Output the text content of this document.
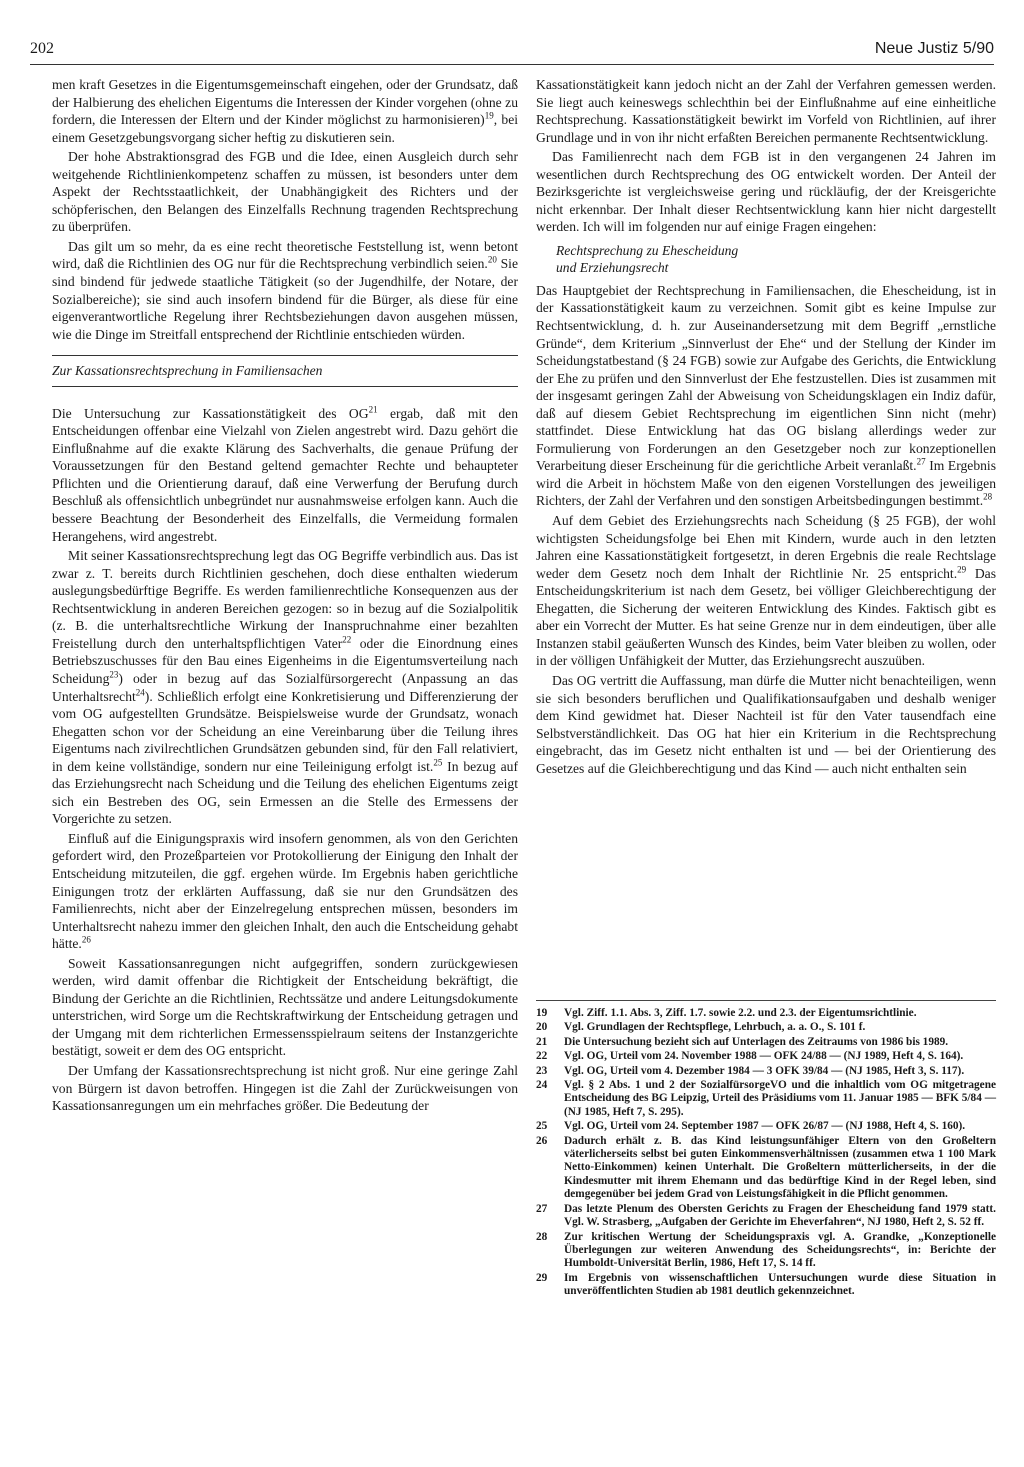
202	Neue Justiz 5/90

men kraft Gesetzes in die Eigentumsgemeinschaft eingehen, oder der Grundsatz, daß der Halbierung des ehelichen Eigentums die Interessen der Kinder vorgehen (ohne zu fordern, die Interessen der Eltern und der Kinder möglichst zu harmonisieren)$^{19}$, bei einem Gesetzgebungsvorgang sicher heftig zu diskutieren sein.

Der hohe Abstraktionsgrad des FGB und die Idee, einen Ausgleich durch sehr weitgehende Richtlinienkompetenz schaffen zu müssen, ist besonders unter dem Aspekt der Rechtsstaatlichkeit, der Unabhängigkeit des Richters und der schöpferischen, den Belangen des Einzelfalls Rechnung tragenden Rechtsprechung zu überprüfen.

Das gilt um so mehr, da es eine recht theoretische Feststellung ist, wenn betont wird, daß die Richtlinien des OG nur für die Rechtsprechung verbindlich seien.$^{20}$ Sie sind bindend für jedwede staatliche Tätigkeit (so der Jugendhilfe, der Notare, der Sozialbereiche); sie sind auch insofern bindend für die Bürger, als diese für eine eigenverantwortliche Regelung ihrer Rechtsbeziehungen davon ausgehen müssen, wie die Dinge im Streitfall entsprechend der Richtlinie entschieden würden.

Zur Kassationsrechtsprechung in Familiensachen

Die Untersuchung zur Kassationstätigkeit des OG$^{21}$ ergab, daß mit den Entscheidungen offenbar eine Vielzahl von Zielen angestrebt wird. Dazu gehört die Einflußnahme auf die exakte Klärung des Sachverhalts, die genaue Prüfung der Voraussetzungen für den Bestand geltend gemachter Rechte und behaupteter Pflichten und die Orientierung darauf, daß eine Verwerfung der Berufung durch Beschluß als offensichtlich unbegründet nur ausnahmsweise erfolgen kann. Auch die bessere Beachtung der Besonderheit des Einzelfalls, die Vermeidung formalen Herangehens, wird angestrebt.

Mit seiner Kassationsrechtsprechung legt das OG Begriffe verbindlich aus. Das ist zwar z. T. bereits durch Richtlinien geschehen, doch diese enthalten wiederum auslegungsbedürftige Begriffe. Es werden familienrechtliche Konsequenzen aus der Rechtsentwicklung in anderen Bereichen gezogen: so in bezug auf die Sozialpolitik (z. B. die unterhaltsrechtliche Wirkung der Inanspruchnahme einer bezahlten Freistellung durch den unterhaltspflichtigen Vater$^{22}$ oder die Einordnung eines Betriebszuschusses für den Bau eines Eigenheims in die Eigentumsverteilung nach Scheidung$^{23}$) oder in bezug auf das Sozialfürsorgerecht (Anpassung an das Unterhaltsrecht$^{24}$). Schließlich erfolgt eine Konkretisierung und Differenzierung der vom OG aufgestellten Grundsätze. Beispielsweise wurde der Grundsatz, wonach Ehegatten schon vor der Scheidung an eine Vereinbarung über die Teilung ihres Eigentums nach zivilrechtlichen Grundsätzen gebunden sind, für den Fall relativiert, in dem keine vollständige, sondern nur eine Teileinigung erfolgt ist.$^{25}$ In bezug auf das Erziehungsrecht nach Scheidung und die Teilung des ehelichen Eigentums zeigt sich ein Bestreben des OG, sein Ermessen an die Stelle des Ermessens der Vorgerichte zu setzen.

Einfluß auf die Einigungspraxis wird insofern genommen, als von den Gerichten gefordert wird, den Prozeßparteien vor Protokollierung der Einigung den Inhalt der Entscheidung mitzuteilen, die ggf. ergehen würde. Im Ergebnis haben gerichtliche Einigungen trotz der erklärten Auffassung, daß sie nur den Grundsätzen des Familienrechts, nicht aber der Einzelregelung entsprechen müssen, besonders im Unterhaltsrecht nahezu immer den gleichen Inhalt, den auch die Entscheidung gehabt hätte.$^{26}$

Soweit Kassationsanregungen nicht aufgegriffen, sondern zurückgewiesen werden, wird damit offenbar die Richtigkeit der Entscheidung bekräftigt, die Bindung der Gerichte an die Richtlinien, Rechtssätze und andere Leitungsdokumente unterstrichen, wird Sorge um die Rechtskraftwirkung der Entscheidung getragen und der Umgang mit dem richterlichen Ermessensspielraum seitens der Instanzgerichte bestätigt, soweit er dem des OG entspricht.

Der Umfang der Kassationsrechtsprechung ist nicht groß. Nur eine geringe Zahl von Bürgern ist davon betroffen. Hingegen ist die Zahl der Zurückweisungen von Kassationsanregungen um ein mehrfaches größer. Die Bedeutung der

Kassationstätigkeit kann jedoch nicht an der Zahl der Verfahren gemessen werden. Sie liegt auch keineswegs schlechthin bei der Einflußnahme auf eine einheitliche Rechtsprechung. Kassationstätigkeit bewirkt im Vorfeld von Richtlinien, auf ihrer Grundlage und in von ihr nicht erfaßten Bereichen permanente Rechtsentwicklung.

Das Familienrecht nach dem FGB ist in den vergangenen 24 Jahren im wesentlichen durch Rechtsprechung des OG entwickelt worden. Der Anteil der Bezirksgerichte ist vergleichsweise gering und rückläufig, der der Kreisgerichte nicht erkennbar. Der Inhalt dieser Rechtsentwicklung kann hier nicht dargestellt werden. Ich will im folgenden nur auf einige Fragen eingehen:

Rechtsprechung zu Ehescheidung
und Erziehungsrecht

Das Hauptgebiet der Rechtsprechung in Familiensachen, die Ehescheidung, ist in der Kassationstätigkeit kaum zu verzeichnen. Somit gibt es keine Impulse zur Rechtsentwicklung, d. h. zur Auseinandersetzung mit dem Begriff „ernstliche Gründe“, dem Kriterium „Sinnverlust der Ehe“ und der Stellung der Kinder im Scheidungstatbestand (§ 24 FGB) sowie zur Aufgabe des Gerichts, die Entwicklung der Ehe zu prüfen und den Sinnverlust der Ehe festzustellen. Dies ist zusammen mit der insgesamt geringen Zahl der Abweisung von Scheidungsklagen ein Indiz dafür, daß auf diesem Gebiet Rechtsprechung im eigentlichen Sinn nicht (mehr) stattfindet. Diese Entwicklung hat das OG bislang allerdings weder zur Formulierung von Forderungen an den Gesetzgeber noch zur konzeptionellen Verarbeitung dieser Erscheinung für die gerichtliche Arbeit veranlaßt.$^{27}$ Im Ergebnis wird die Arbeit in höchstem Maße von den eigenen Vorstellungen des jeweiligen Richters, der Zahl der Verfahren und den sonstigen Arbeitsbedingungen bestimmt.$^{28}$

Auf dem Gebiet des Erziehungsrechts nach Scheidung (§ 25 FGB), der wohl wichtigsten Scheidungsfolge bei Ehen mit Kindern, wurde auch in den letzten Jahren eine Kassationstätigkeit fortgesetzt, in deren Ergebnis die reale Rechtslage weder dem Gesetz noch dem Inhalt der Richtlinie Nr. 25 entspricht.$^{29}$ Das Entscheidungskriterium ist nach dem Gesetz, bei völliger Gleichberechtigung der Ehegatten, die Sicherung der weiteren Entwicklung des Kindes. Faktisch gibt es aber ein Vorrecht der Mutter. Es hat seine Grenze nur in dem eindeutigen, über alle Instanzen stabil geäußerten Wunsch des Kindes, beim Vater bleiben zu wollen, oder in der völligen Unfähigkeit der Mutter, das Erziehungsrecht auszuüben.

Das OG vertritt die Auffassung, man dürfe die Mutter nicht benachteiligen, wenn sie sich besonders beruflichen und Qualifikationsaufgaben und deshalb weniger dem Kind gewidmet hat. Dieser Nachteil ist für den Vater tausendfach eine Selbstverständlichkeit. Das OG hat hier ein Kriterium in die Rechtsprechung eingebracht, das im Gesetz nicht enthalten ist und — bei der Orientierung des Gesetzes auf die Gleichberechtigung und das Kind — auch nicht enthalten sein

19	Vgl. Ziff. 1.1. Abs. 3, Ziff. 1.7. sowie 2.2. und 2.3. der Eigentumsrichtlinie.
20	Vgl. Grundlagen der Rechtspflege, Lehrbuch, a. a. O., S. 101 f.
21	Die Untersuchung bezieht sich auf Unterlagen des Zeitraums von 1986 bis 1989.
22	Vgl. OG, Urteil vom 24. November 1988 — OFK 24/88 — (NJ 1989, Heft 4, S. 164).
23	Vgl. OG, Urteil vom 4. Dezember 1984 — 3 OFK 39/84 — (NJ 1985, Heft 3, S. 117).
24	Vgl. § 2 Abs. 1 und 2 der SozialfürsorgeVO und die inhaltlich vom OG mitgetragene Entscheidung des BG Leipzig, Urteil des Präsidiums vom 11. Januar 1985 — BFK 5/84 — (NJ 1985, Heft 7, S. 295).
25	Vgl. OG, Urteil vom 24. September 1987 — OFK 26/87 — (NJ 1988, Heft 4, S. 160).
26	Dadurch erhält z. B. das Kind leistungsunfähiger Eltern von den Großeltern väterlicherseits selbst bei guten Einkommensverhältnissen (zusammen etwa 1 100 Mark Netto-Einkommen) keinen Unterhalt. Die Großeltern mütterlicherseits, in der die Kindesmutter mit ihrem Ehemann und das bedürftige Kind in der Regel leben, sind demgegenüber bei jedem Grad von Leistungsfähigkeit in die Pflicht genommen.
27	Das letzte Plenum des Obersten Gerichts zu Fragen der Ehescheidung fand 1979 statt. Vgl. W. Strasberg, „Aufgaben der Gerichte im Eheverfahren“, NJ 1980, Heft 2, S. 52 ff.
28	Zur kritischen Wertung der Scheidungspraxis vgl. A. Grandke, „Konzeptionelle Überlegungen zur weiteren Anwendung des Scheidungsrechts“, in: Berichte der Humboldt-Universität Berlin, 1986, Heft 17, S. 14 ff.
29	Im Ergebnis von wissenschaftlichen Untersuchungen wurde diese Situation in unveröffentlichten Studien ab 1981 deutlich gekennzeichnet.
